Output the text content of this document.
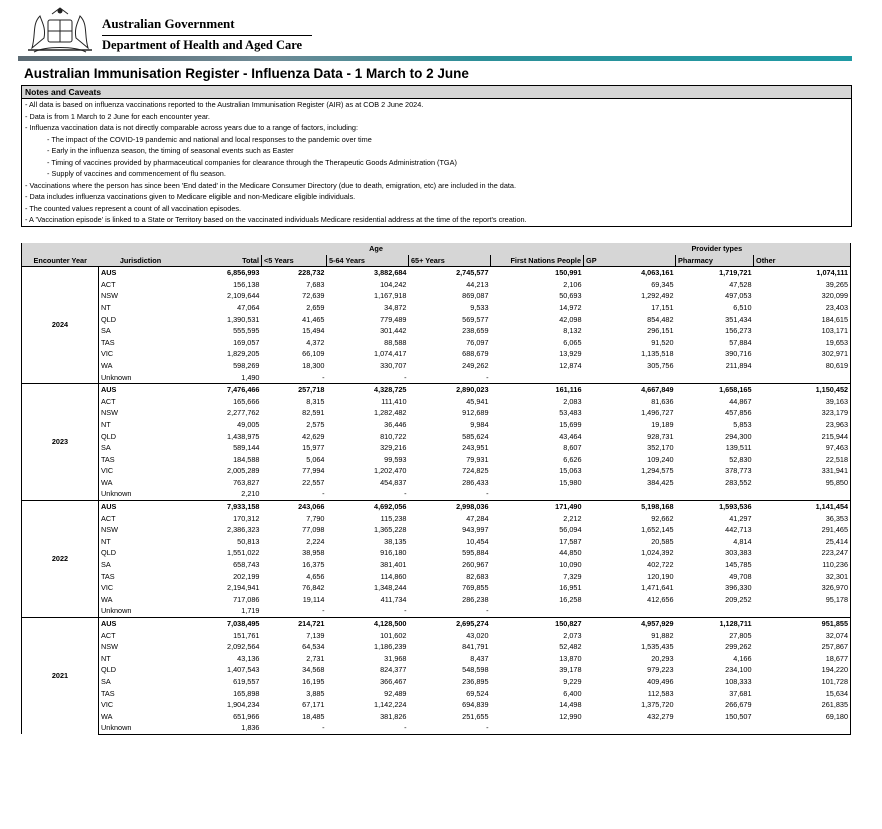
Australian Government
Department of Health and Aged Care
Australian Immunisation Register - Influenza Data - 1 March to 2 June
Notes and Caveats
- All data is based on influenza vaccinations reported to the Australian Immunisation Register (AIR) as at COB 2 June 2024.
- Data is from 1 March to 2 June for each encounter year.
- Influenza vaccination data is not directly comparable across years due to a range of factors, including:
- The impact of the COVID-19 pandemic and national and local responses to the pandemic over time
- Early in the influenza season, the timing of seasonal events such as Easter
- Timing of vaccines provided by pharmaceutical companies for clearance through the Therapeutic Goods Administration (TGA)
- Supply of vaccines and commencement of flu season.
- Vaccinations where the person has since been 'End dated' in the Medicare Consumer Directory (due to death, emigration, etc) are included in the data.
- Data includes influenza vaccinations given to Medicare eligible and non-Medicare eligible individuals.
- The counted values represent a count of all vaccination episodes.
- A 'Vaccination episode' is linked to a State or Territory based on the vaccinated individuals Medicare residential address at the time of the report's creation.
			Age				Provider types		
Encounter Year	Jurisdiction	Total	<5 Years	5-64 Years	65+ Years	First Nations People	GP	Pharmacy	Other
2024	AUS	6,856,993	228,732	3,882,684	2,745,577	150,991	4,063,161	1,719,721	1,074,111
	ACT	156,138	7,683	104,242	44,213	2,106	69,345	47,528	39,265
	NSW	2,109,644	72,639	1,167,918	869,087	50,693	1,292,492	497,053	320,099
	NT	47,064	2,659	34,872	9,533	14,972	17,151	6,510	23,403
	QLD	1,390,531	41,465	779,489	569,577	42,098	854,482	351,434	184,615
	SA	555,595	15,494	301,442	238,659	8,132	296,151	156,273	103,171
	TAS	169,057	4,372	88,588	76,097	6,065	91,520	57,884	19,653
	VIC	1,829,205	66,109	1,074,417	688,679	13,929	1,135,518	390,716	302,971
	WA	598,269	18,300	330,707	249,262	12,874	305,756	211,894	80,619
	Unknown	1,490	-	-	-				
2023	AUS	7,476,466	257,718	4,328,725	2,890,023	161,116	4,667,849	1,658,165	1,150,452
	ACT	165,666	8,315	111,410	45,941	2,083	81,636	44,867	39,163
	NSW	2,277,762	82,591	1,282,482	912,689	53,483	1,496,727	457,856	323,179
	NT	49,005	2,575	36,446	9,984	15,699	19,189	5,853	23,963
	QLD	1,438,975	42,629	810,722	585,624	43,464	928,731	294,300	215,944
	SA	589,144	15,977	329,216	243,951	8,607	352,170	139,511	97,463
	TAS	184,588	5,064	99,593	79,931	6,626	109,240	52,830	22,518
	VIC	2,005,289	77,994	1,202,470	724,825	15,063	1,294,575	378,773	331,941
	WA	763,827	22,557	454,837	286,433	15,980	384,425	283,552	95,850
	Unknown	2,210	-	-	-				
2022	AUS	7,933,158	243,066	4,692,056	2,998,036	171,490	5,198,168	1,593,536	1,141,454
	ACT	170,312	7,790	115,238	47,284	2,212	92,662	41,297	36,353
	NSW	2,386,323	77,098	1,365,228	943,997	56,094	1,652,145	442,713	291,465
	NT	50,813	2,224	38,135	10,454	17,587	20,585	4,814	25,414
	QLD	1,551,022	38,958	916,180	595,884	44,850	1,024,392	303,383	223,247
	SA	658,743	16,375	381,401	260,967	10,090	402,722	145,785	110,236
	TAS	202,199	4,656	114,860	82,683	7,329	120,190	49,708	32,301
	VIC	2,194,941	76,842	1,348,244	769,855	16,951	1,471,641	396,330	326,970
	WA	717,086	19,114	411,734	286,238	16,258	412,656	209,252	95,178
	Unknown	1,719	-	-	-				
2021	AUS	7,038,495	214,721	4,128,500	2,695,274	150,827	4,957,929	1,128,711	951,855
	ACT	151,761	7,139	101,602	43,020	2,073	91,882	27,805	32,074
	NSW	2,092,564	64,534	1,186,239	841,791	52,482	1,535,435	299,262	257,867
	NT	43,136	2,731	31,968	8,437	13,870	20,293	4,166	18,677
	QLD	1,407,543	34,568	824,377	548,598	39,178	979,223	234,100	194,220
	SA	619,557	16,195	366,467	236,895	9,229	409,496	108,333	101,728
	TAS	165,898	3,885	92,489	69,524	6,400	112,583	37,681	15,634
	VIC	1,904,234	67,171	1,142,224	694,839	14,498	1,375,720	266,679	261,835
	WA	651,966	18,485	381,826	251,655	12,990	432,279	150,507	69,180
	Unknown	1,836	-	-	-				
